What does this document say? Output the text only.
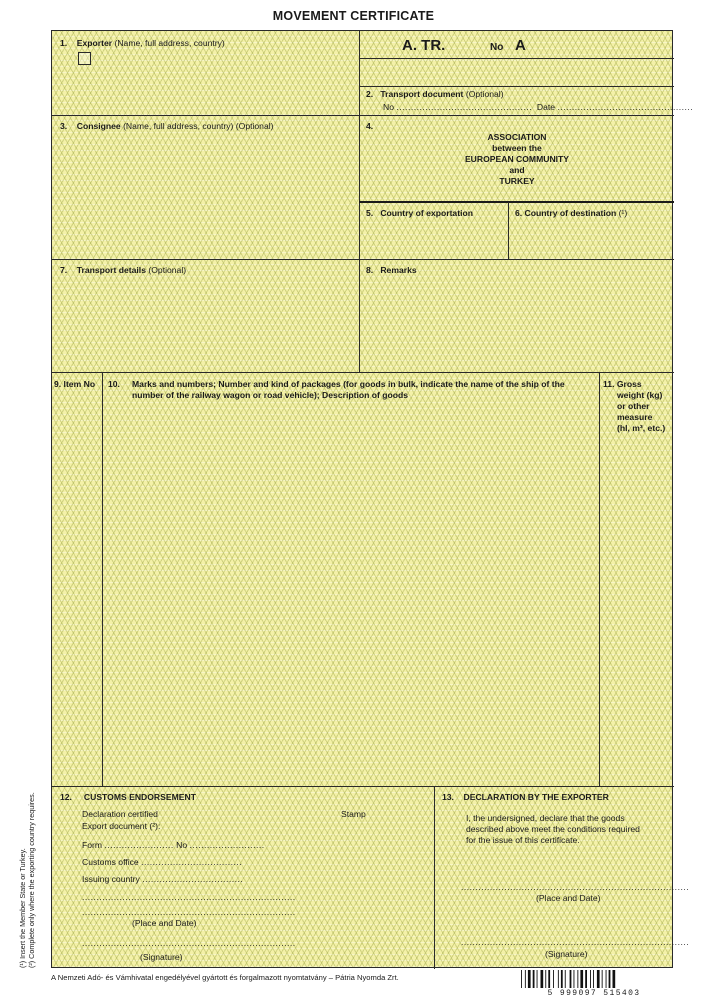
MOVEMENT CERTIFICATE
1. Exporter (Name, full address, country)	A. TR.	No A
2. Transport document (Optional)
No ............................................... Date ...............................................
3. Consignee (Name, full address, country) (Optional)	4.
ASSOCIATION
between the
EUROPEAN COMMUNITY
and
TURKEY
5. Country of exportation	6. Country of destination (¹)
7. Transport details (Optional)	8. Remarks
9. Item No 10. Marks and numbers; Number and kind of packages (for goods in bulk, indicate the name of the ship of the
number of the railway wagon or road vehicle); Description of goods
11. Gross
weight (kg)
or other
measure
(hl, m³, etc.)
12. CUSTOMS ENDORSEMENT
Declaration certified	Stamp
Export document (²):
Form ........................ No ..........................
Customs office ...................................
Issuing country ...................................
..........................................................................
..........................................................................
(Place and Date)
..........................................................................
(Signature)
13. DECLARATION BY THE EXPORTER
I, the undersigned, declare that the goods
described above meet the conditions required
for the issue of this certificate.
...............................................................................
(Place and Date)
...............................................................................
(Signature)
(¹) Insert the Member State or Turkey. (²) Complete only where the exporting country requires.
A Nemzeti Adó- és Vámhivatal engedélyével gyártott és forgalmazott nyomtatvány – Pátria Nyomda Zrt.
5 999097 515403
